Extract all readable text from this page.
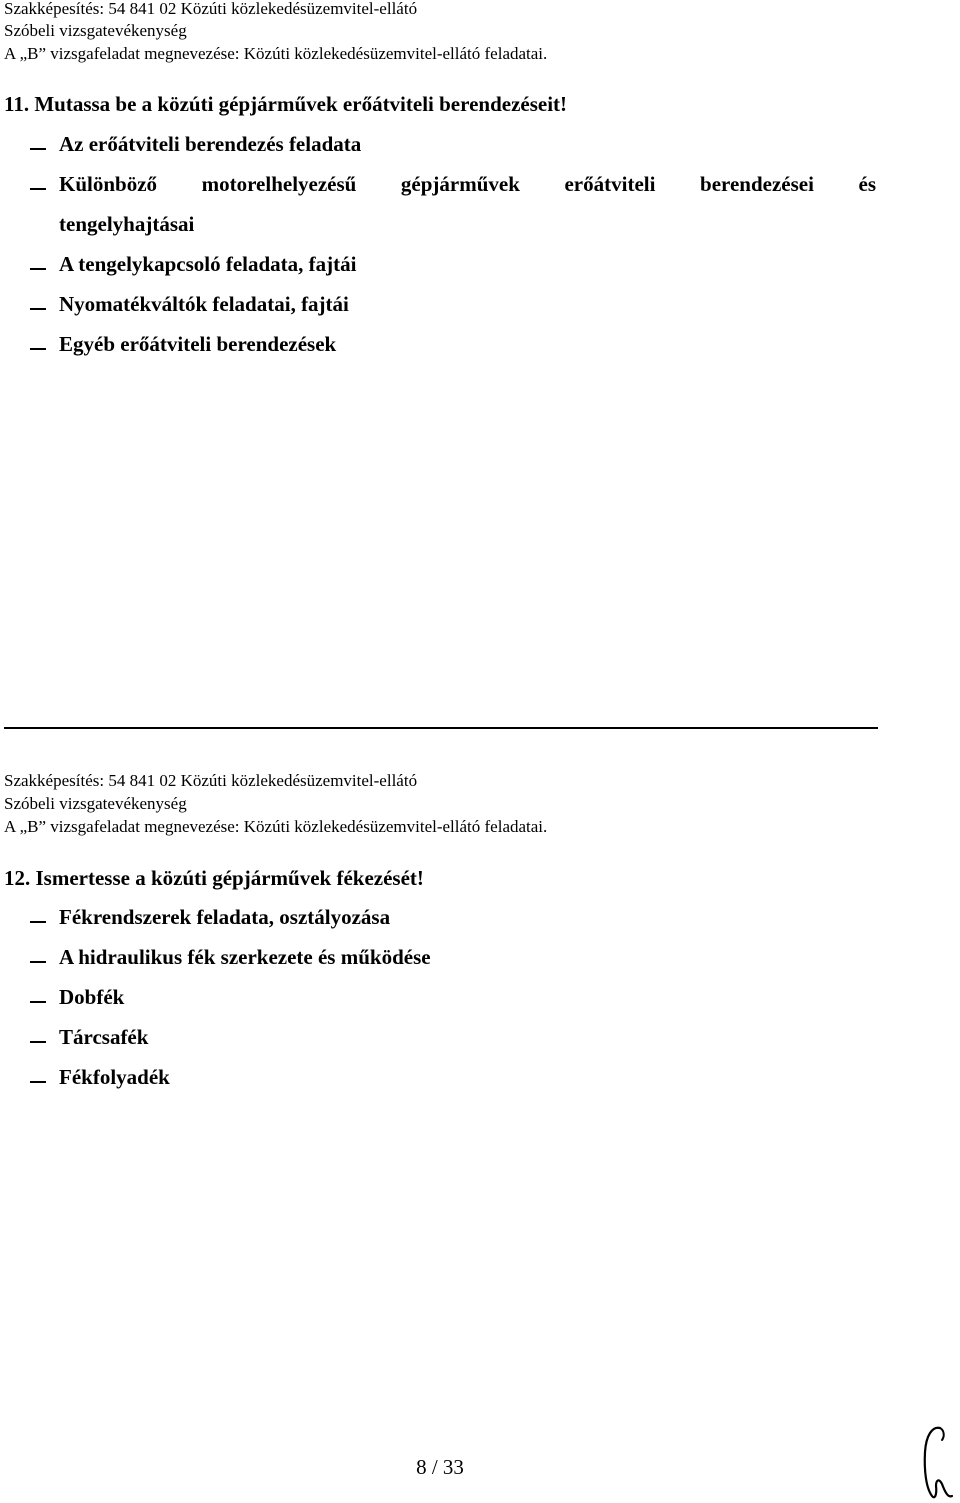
Szakképesítés: 54 841 02 Közúti közlekedésüzemvitel-ellátó
Szóbeli vizsgatevékenység
A „B” vizsgafeladat megnevezése: Közúti közlekedésüzemvitel-ellátó feladatai.
11. Mutassa be a közúti gépjárművek erőátviteli berendezéseit!
Az erőátviteli berendezés feladata
Különböző motorelhelyezésű gépjárművek erőátviteli berendezései és
tengelyhajtásai
A tengelykapcsoló feladata, fajtái
Nyomatékváltók feladatai, fajtái
Egyéb erőátviteli berendezések
Szakképesítés: 54 841 02 Közúti közlekedésüzemvitel-ellátó
Szóbeli vizsgatevékenység
A „B” vizsgafeladat megnevezése: Közúti közlekedésüzemvitel-ellátó feladatai.
12. Ismertesse a közúti gépjárművek fékezését!
Fékrendszerek feladata, osztályozása
A hidraulikus fék szerkezete és működése
Dobfék
Tárcsafék
Fékfolyadék
8 / 33
